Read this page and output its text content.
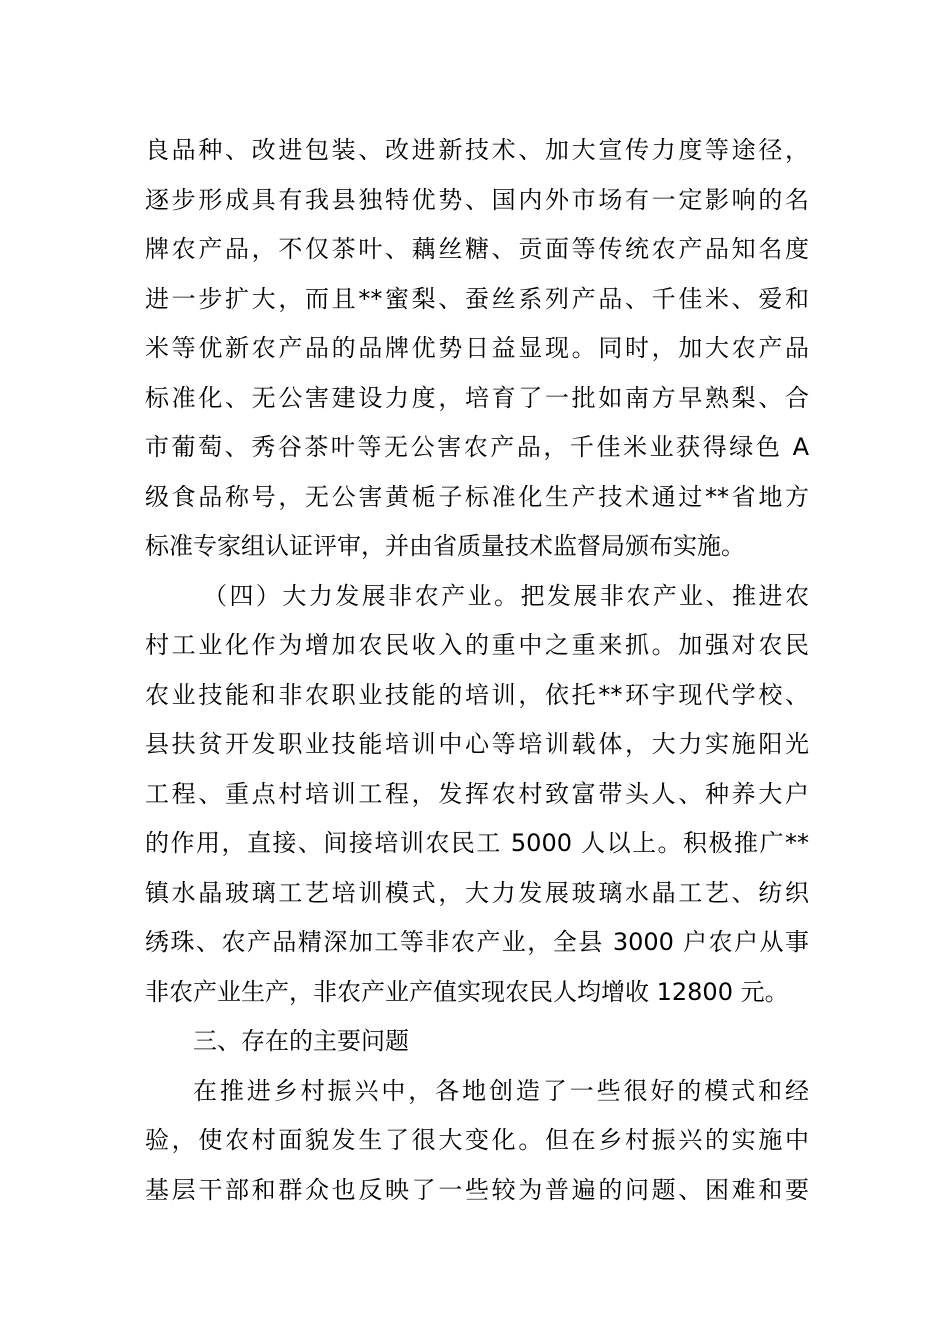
良品种、改进包装、改进新技术、加大宣传力度等途径，
逐步形成具有我县独特优势、国内外市场有一定影响的名
牌农产品，不仅茶叶、藕丝糖、贡面等传统农产品知名度
进一步扩大，而且**蜜梨、蚕丝系列产品、千佳米、爱和
米等优新农产品的品牌优势日益显现。同时，加大农产品
标准化、无公害建设力度，培育了一批如南方早熟梨、合
市葡萄、秀谷茶叶等无公害农产品，千佳米业获得绿色 A
级食品称号，无公害黄栀子标准化生产技术通过**省地方
标准专家组认证评审，并由省质量技术监督局颁布实施。
（四）大力发展非农产业。把发展非农产业、推进农
村工业化作为增加农民收入的重中之重来抓。加强对农民
农业技能和非农职业技能的培训，依托**环宇现代学校、
县扶贫开发职业技能培训中心等培训载体，大力实施阳光
工程、重点村培训工程，发挥农村致富带头人、种养大户
的作用，直接、间接培训农民工 5000 人以上。积极推广**
镇水晶玻璃工艺培训模式，大力发展玻璃水晶工艺、纺织
绣珠、农产品精深加工等非农产业，全县 3000 户农户从事
非农产业生产，非农产业产值实现农民人均增收 12800 元。
三、存在的主要问题
在推进乡村振兴中，各地创造了一些很好的模式和经
验，使农村面貌发生了很大变化。但在乡村振兴的实施中
基层干部和群众也反映了一些较为普遍的问题、困难和要
